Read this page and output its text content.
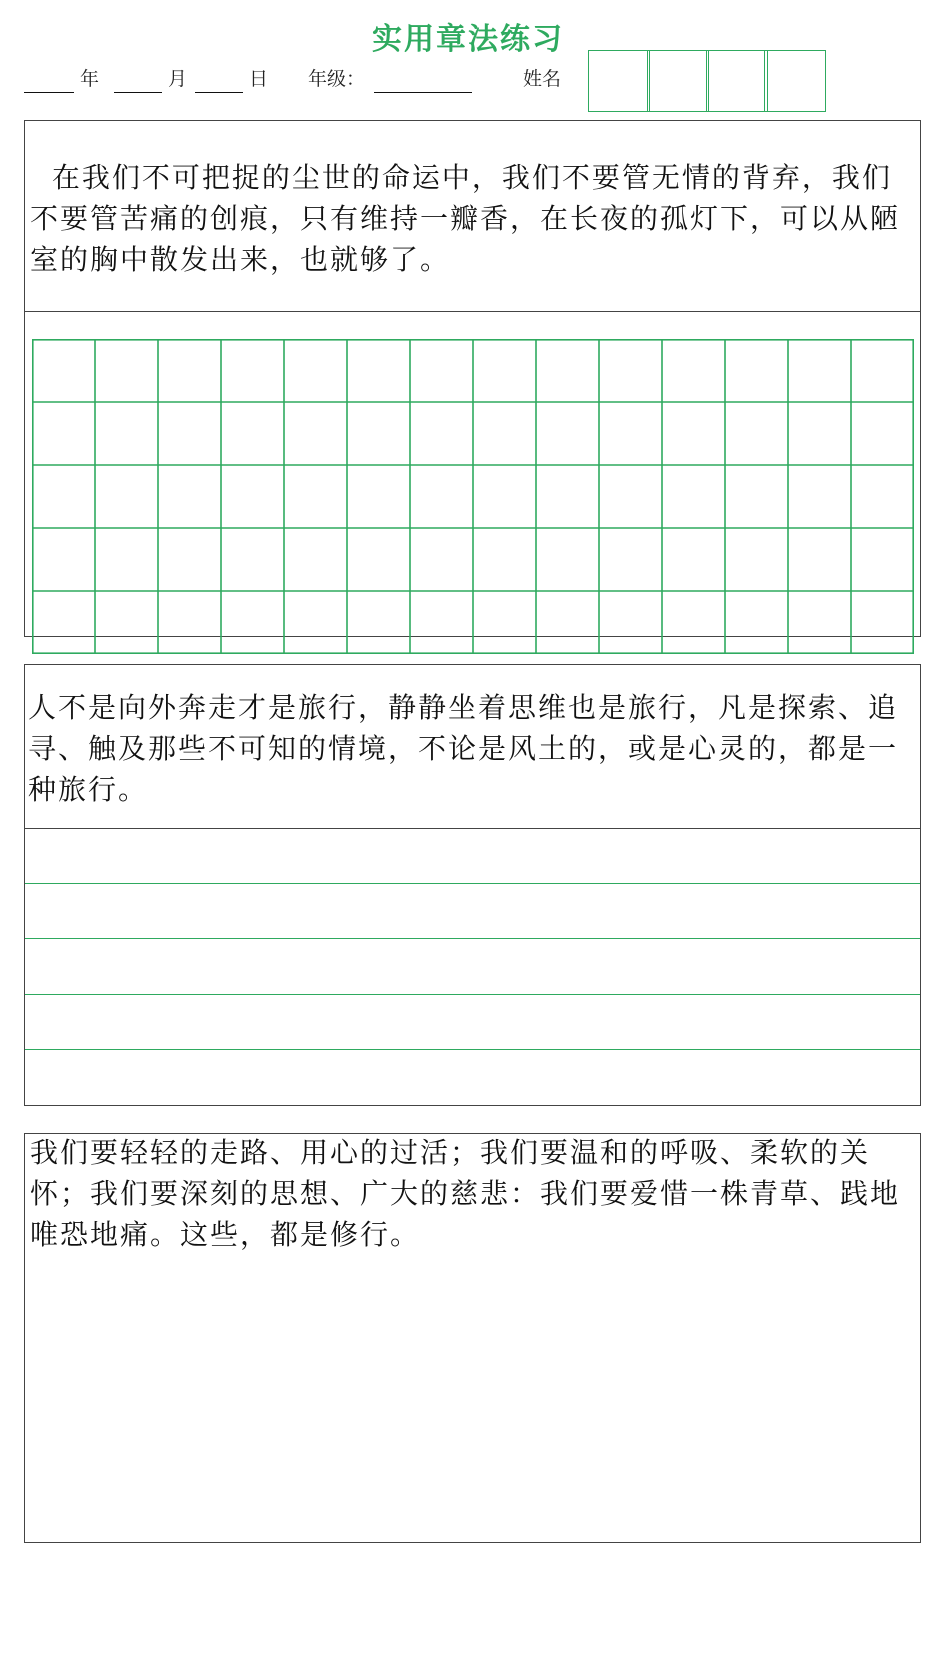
实用章法练习
年	月	日 年级：	姓名
在我们不可把捉的尘世的命运中，我们不要管无情的背弃，我们不要管苦痛的创痕，只有维持一瓣香，在长夜的孤灯下，可以从陋室的胸中散发出来，也就够了。
人不是向外奔走才是旅行，静静坐着思维也是旅行，凡是探索、追寻、触及那些不可知的情境，不论是风土的，或是心灵的，都是一种旅行。
我们要轻轻的走路、用心的过活；我们要温和的呼吸、柔软的关怀；我们要深刻的思想、广大的慈悲：我们要爱惜一株青草、践地唯恐地痛。这些，都是修行。
